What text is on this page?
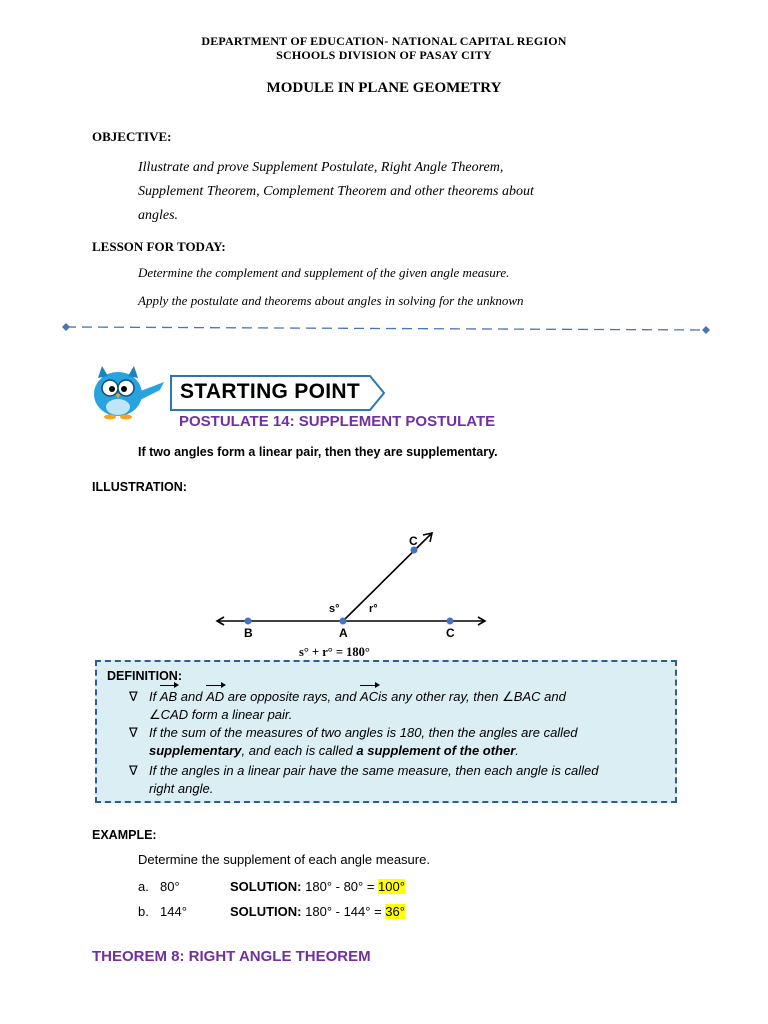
DEPARTMENT OF EDUCATION- NATIONAL CAPITAL REGION
SCHOOLS DIVISION OF PASAY CITY
MODULE IN PLANE GEOMETRY
OBJECTIVE:
Illustrate and prove Supplement Postulate, Right Angle Theorem,
Supplement Theorem, Complement Theorem and other theorems about
angles.
LESSON FOR TODAY:
Determine the complement and supplement of the given angle measure.
Apply the postulate and theorems about angles in solving for the unknown
STARTING POINT
POSTULATE 14: SUPPLEMENT POSTULATE
If two angles form a linear pair, then they are supplementary.
ILLUSTRATION:
B	A	C
C
s°	r°
s° + r° = 180°
DEFINITION:
∇ If AB and AD are opposite rays, and ACis any other ray, then ∠BAC and
∠CAD form a linear pair.
∇ If the sum of the measures of two angles is 180, then the angles are called
supplementary, and each is called a supplement of the other.
∇ If the angles in a linear pair have the same measure, then each angle is called
right angle.
EXAMPLE:
Determine the supplement of each angle measure.
a. 80°	SOLUTION: 180° - 80° = 100°
b. 144°	SOLUTION: 180° - 144° = 36°
THEOREM 8: RIGHT ANGLE THEOREM
